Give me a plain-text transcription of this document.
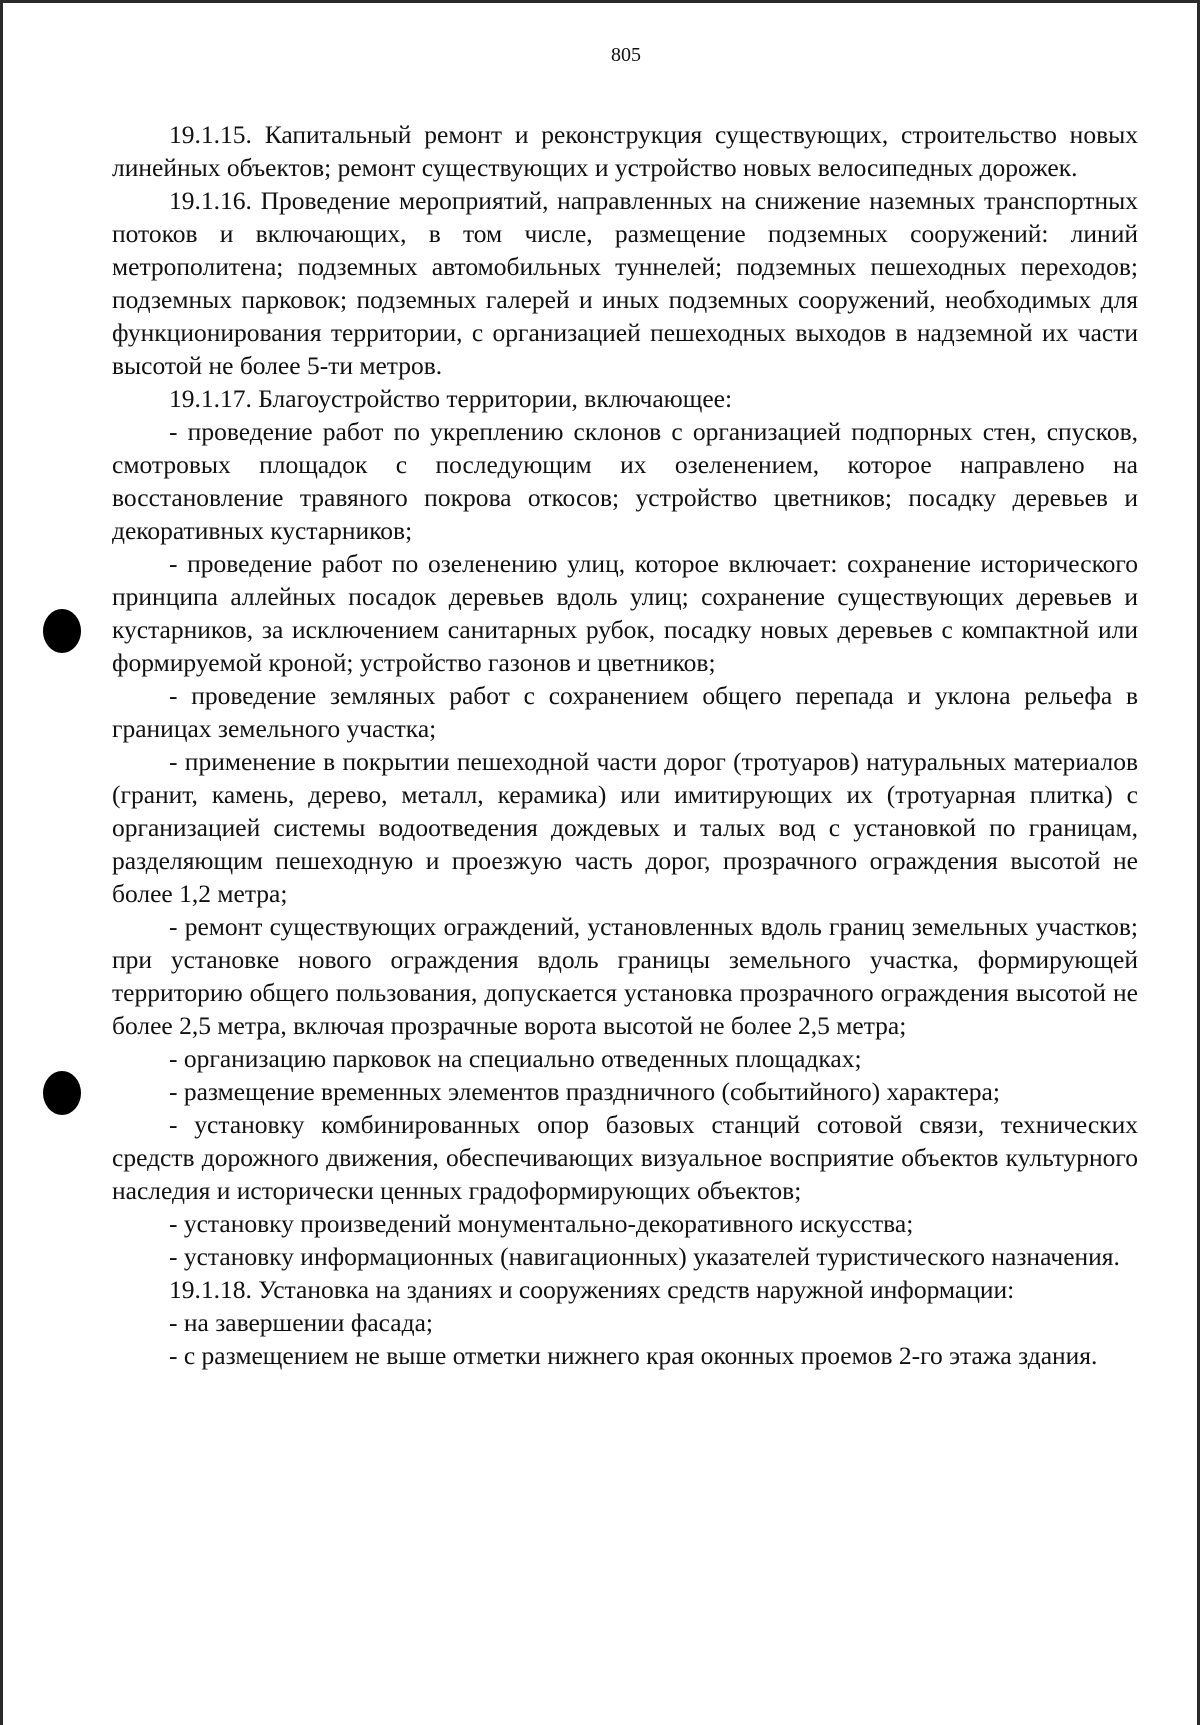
805

19.1.15. Капитальный ремонт и реконструкция существующих, строительство новых линейных объектов; ремонт существующих и устройство новых велосипедных дорожек.

19.1.16. Проведение мероприятий, направленных на снижение наземных транспортных потоков и включающих, в том числе, размещение подземных сооружений: линий метрополитена; подземных автомобильных туннелей; подземных пешеходных переходов; подземных парковок; подземных галерей и иных подземных сооружений, необходимых для функционирования территории, с организацией пешеходных выходов в надземной их части высотой не более 5-ти метров.

19.1.17. Благоустройство территории, включающее:

- проведение работ по укреплению склонов с организацией подпорных стен, спусков, смотровых площадок с последующим их озеленением, которое направлено на восстановление травяного покрова откосов; устройство цветников; посадку деревьев и декоративных кустарников;

- проведение работ по озеленению улиц, которое включает: сохранение исторического принципа аллейных посадок деревьев вдоль улиц; сохранение существующих деревьев и кустарников, за исключением санитарных рубок, посадку новых деревьев с компактной или формируемой кроной; устройство газонов и цветников;

- проведение земляных работ с сохранением общего перепада и уклона рельефа в границах земельного участка;

- применение в покрытии пешеходной части дорог (тротуаров) натуральных материалов (гранит, камень, дерево, металл, керамика) или имитирующих их (тротуарная плитка) с организацией системы водоотведения дождевых и талых вод с установкой по границам, разделяющим пешеходную и проезжую часть дорог, прозрачного ограждения высотой не более 1,2 метра;

- ремонт существующих ограждений, установленных вдоль границ земельных участков; при установке нового ограждения вдоль границы земельного участка, формирующей территорию общего пользования, допускается установка прозрачного ограждения высотой не более 2,5 метра, включая прозрачные ворота высотой не более 2,5 метра;

- организацию парковок на специально отведенных площадках;

- размещение временных элементов праздничного (событийного) характера;

- установку комбинированных опор базовых станций сотовой связи, технических средств дорожного движения, обеспечивающих визуальное восприятие объектов культурного наследия и исторически ценных градоформирующих объектов;

- установку произведений монументально-декоративного искусства;

- установку информационных (навигационных) указателей туристического назначения.

19.1.18. Установка на зданиях и сооружениях средств наружной информации:

- на завершении фасада;

- с размещением не выше отметки нижнего края оконных проемов 2-го этажа здания.
